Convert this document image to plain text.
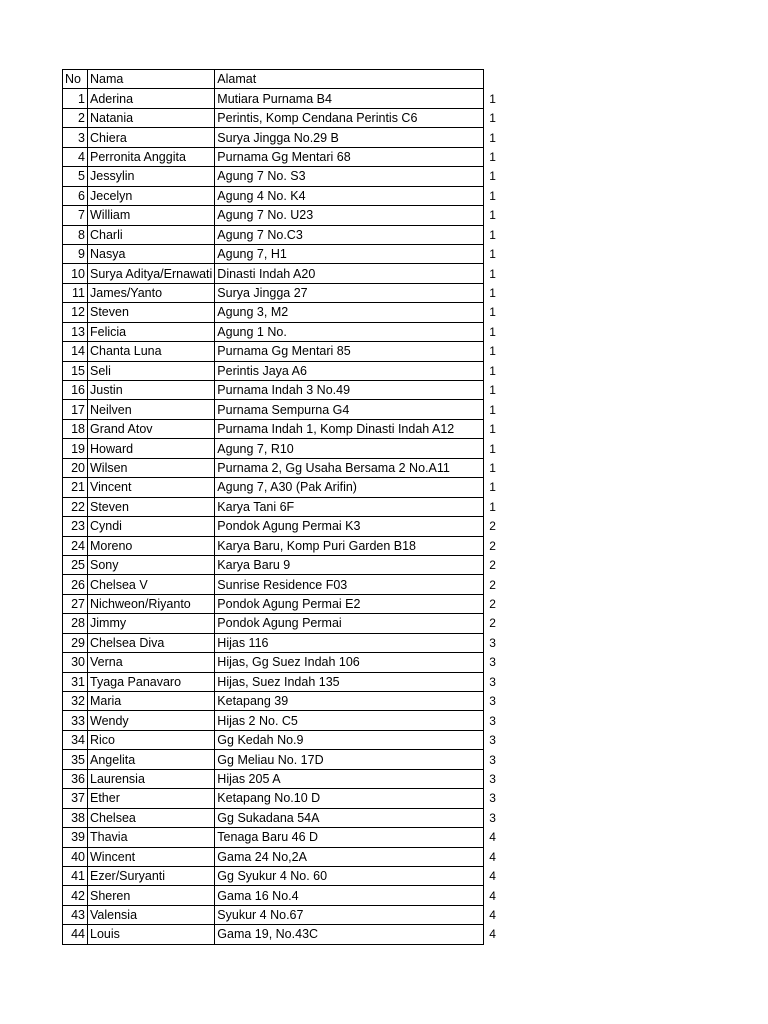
No	Nama	Alamat	
1	Aderina	Mutiara Purnama B4	1
2	Natania	Perintis, Komp Cendana Perintis C6	1
3	Chiera	Surya Jingga No.29 B	1
4	Perronita Anggita	Purnama Gg Mentari 68	1
5	Jessylin	Agung 7 No. S3	1
6	Jecelyn	Agung 4 No. K4	1
7	William	Agung 7 No. U23	1
8	Charli	Agung 7 No.C3	1
9	Nasya	Agung 7, H1	1
10	Surya Aditya/Ernawati	Dinasti Indah A20	1
11	James/Yanto	Surya Jingga 27	1
12	Steven	Agung 3, M2	1
13	Felicia	Agung 1 No.	1
14	Chanta Luna	Purnama Gg Mentari 85	1
15	Seli	Perintis Jaya A6	1
16	Justin	Purnama Indah 3 No.49	1
17	Neilven	Purnama Sempurna G4	1
18	Grand Atov	Purnama Indah 1, Komp Dinasti Indah A12	1
19	Howard	Agung 7, R10	1
20	Wilsen	Purnama 2, Gg Usaha Bersama 2 No.A11	1
21	Vincent	Agung 7, A30 (Pak Arifin)	1
22	Steven	Karya Tani 6F	1
23	Cyndi	Pondok Agung Permai K3	2
24	Moreno	Karya Baru, Komp Puri Garden B18	2
25	Sony	Karya Baru 9	2
26	Chelsea V	Sunrise Residence F03	2
27	Nichweon/Riyanto	Pondok Agung Permai E2	2
28	Jimmy	Pondok Agung Permai	2
29	Chelsea Diva	Hijas 116	3
30	Verna	Hijas, Gg Suez Indah 106	3
31	Tyaga Panavaro	Hijas, Suez Indah 135	3
32	Maria	Ketapang 39	3
33	Wendy	Hijas 2 No. C5	3
34	Rico	Gg Kedah No.9	3
35	Angelita	Gg Meliau No. 17D	3
36	Laurensia	Hijas 205 A	3
37	Ether	Ketapang No.10 D	3
38	Chelsea	Gg Sukadana 54A	3
39	Thavia	Tenaga Baru 46 D	4
40	Wincent	Gama 24 No,2A	4
41	Ezer/Suryanti	Gg Syukur 4 No. 60	4
42	Sheren	Gama 16 No.4	4
43	Valensia	Syukur 4 No.67	4
44	Louis	Gama 19, No.43C	4
